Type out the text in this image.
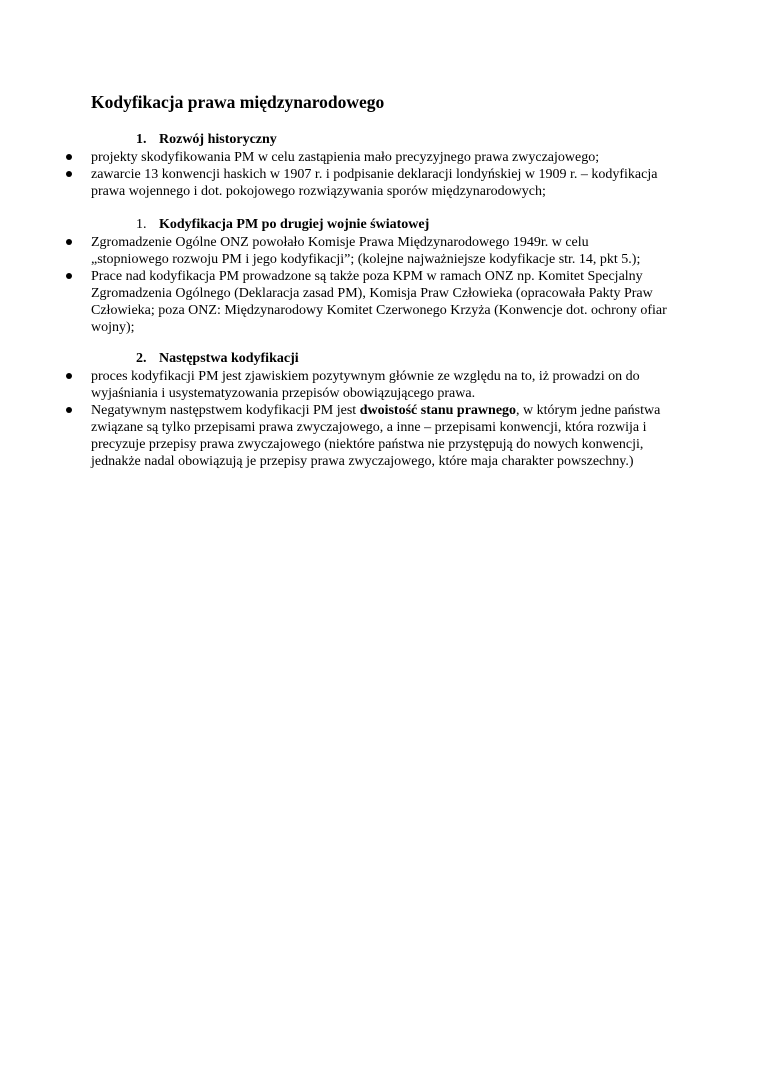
Kodyfikacja prawa międzynarodowego
1. Rozwój historyczny
projekty skodyfikowania PM w celu zastąpienia mało precyzyjnego prawa zwyczajowego;
zawarcie 13 konwencji haskich w 1907 r. i podpisanie deklaracji londyńskiej w 1909 r. – kodyfikacja prawa wojennego i dot. pokojowego rozwiązywania sporów międzynarodowych;
1. Kodyfikacja PM po drugiej wojnie światowej
Zgromadzenie Ogólne ONZ powołało Komisje Prawa Międzynarodowego 1949r. w celu „stopniowego rozwoju PM i jego kodyfikacji”; (kolejne najważniejsze kodyfikacje str. 14, pkt 5.);
Prace nad kodyfikacja PM prowadzone są także poza KPM w ramach ONZ np. Komitet Specjalny Zgromadzenia Ogólnego (Deklaracja zasad PM), Komisja Praw Człowieka (opracowała Pakty Praw Człowieka; poza ONZ: Międzynarodowy Komitet Czerwonego Krzyża (Konwencje dot. ochrony ofiar wojny);
2. Następstwa kodyfikacji
proces kodyfikacji PM jest zjawiskiem pozytywnym głównie ze względu na to, iż prowadzi on do wyjaśniania i usystematyzowania przepisów obowiązującego prawa.
Negatywnym następstwem kodyfikacji PM jest dwoistość stanu prawnego, w którym jedne państwa związane są tylko przepisami prawa zwyczajowego, a inne – przepisami konwencji, która rozwija i precyzuje przepisy prawa zwyczajowego (niektóre państwa nie przystępują do nowych konwencji, jednakże nadal obowiązują je przepisy prawa zwyczajowego, które maja charakter powszechny.)
